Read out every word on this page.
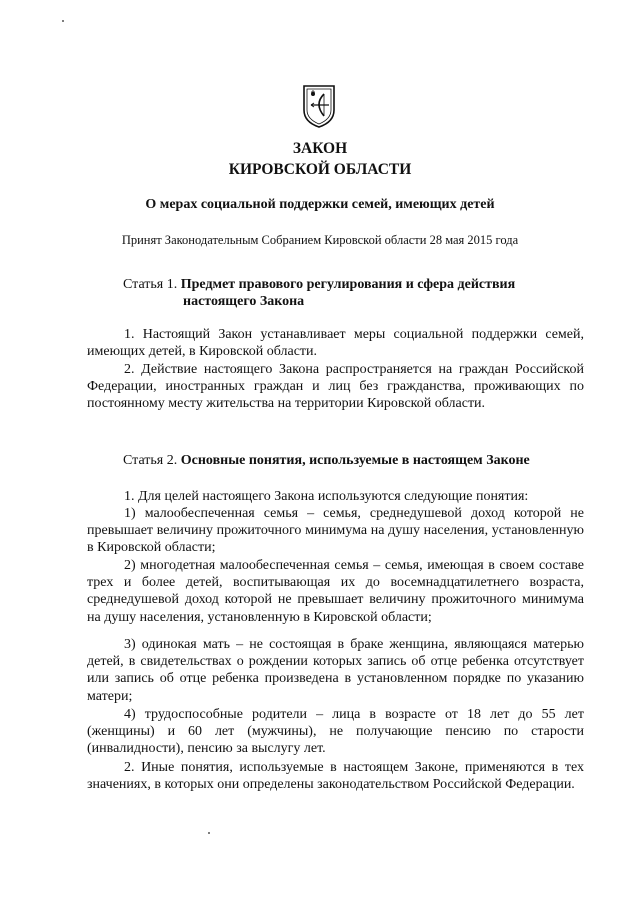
ЗАКОН
КИРОВСКОЙ ОБЛАСТИ
О мерах социальной поддержки семей, имеющих детей
Принят Законодательным Собранием Кировской области 28 мая 2015 года
Статья 1. Предмет правового регулирования и сфера действия
настоящего Закона

1. Настоящий Закон устанавливает меры социальной поддержки семей, имеющих детей, в Кировской области.

2. Действие настоящего Закона распространяется на граждан Российской Федерации, иностранных граждан и лиц без гражданства, проживающих по постоянному месту жительства на территории Кировской области.

Статья 2. Основные понятия, используемые в настоящем Законе

1. Для целей настоящего Закона используются следующие понятия:

1) малообеспеченная семья – семья, среднедушевой доход которой не превышает величину прожиточного минимума на душу населения, установленную в Кировской области;

2) многодетная малообеспеченная семья – семья, имеющая в своем составе трех и более детей, воспитывающая их до восемнадцатилетнего возраста, среднедушевой доход которой не превышает величину прожиточного минимума на душу населения, установленную в Кировской области;

3) одинокая мать – не состоящая в браке женщина, являющаяся матерью детей, в свидетельствах о рождении которых запись об отце ребенка отсутствует или запись об отце ребенка произведена в установленном порядке по указанию матери;

4) трудоспособные родители – лица в возрасте от 18 лет до 55 лет (женщины) и 60 лет (мужчины), не получающие пенсию по старости (инвалидности), пенсию за выслугу лет.

2. Иные понятия, используемые в настоящем Законе, применяются в тех значениях, в которых они определены законодательством Российской Федерации.
